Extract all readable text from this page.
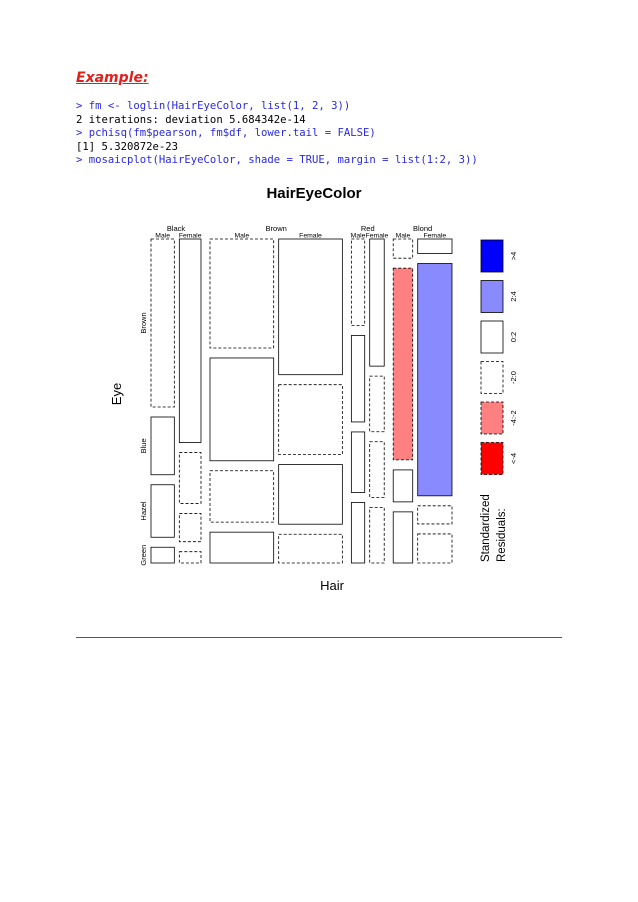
Example:
> fm <- loglin(HairEyeColor, list(1, 2, 3))
2 iterations: deviation 5.684342e-14
> pchisq(fm$pearson, fm$df, lower.tail = FALSE)
[1] 5.320872e-23
> mosaicplot(HairEyeColor, shade = TRUE, margin = list(1:2, 3))
HairEyeColor
Black	Brown	Red	Blond
Male Female	Male	Female	Male Female Male Female
Brown
Blue
Hazel
Green
Hair
Eye
>4
2:4
0:2
-2:0
-4:-2
<-4
Standardized Residuals:
